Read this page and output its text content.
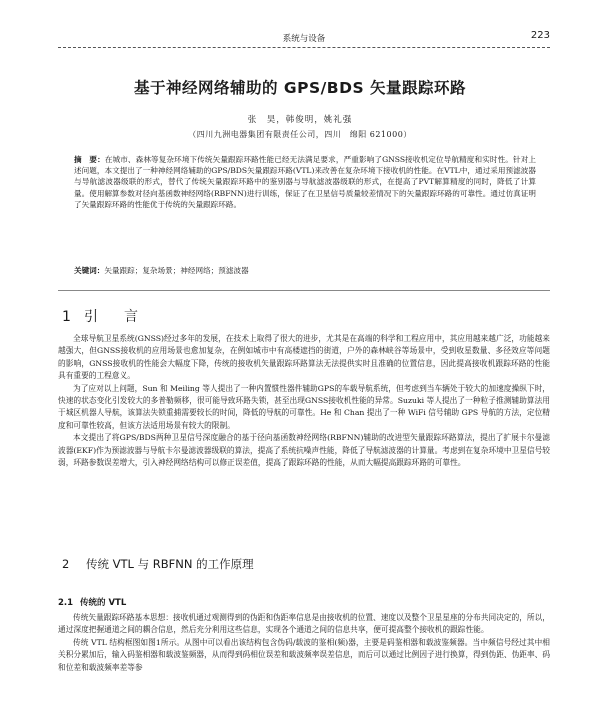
系统与设备	223
基于神经网络辅助的 GPS/BDS 矢量跟踪环路
张　昊，韩俊明，姚礼强
（四川九洲电器集团有限责任公司，四川　绵阳 621000）
摘　要：在城市、森林等复杂环境下传统矢量跟踪环路性能已经无法满足要求，严重影响了GNSS接收机定位导航精度和实时性。针对上述问题，本文提出了一种神经网络辅助的GPS/BDS矢量跟踪环路(VTL)来改善在复杂环境下接收机的性能。在VTL中，通过采用预滤波器与导航滤波器级联的形式，替代了传统矢量跟踪环路中的鉴别器与导航滤波器级联的形式，在提高了PVT解算精度的同时，降低了计算量。使用解算参数对径向基函数神经网络(RBFNN)进行训练，保证了在卫星信号质量较差情况下的矢量跟踪环路的可靠性。通过仿真证明了矢量跟踪环路的性能优于传统的矢量跟踪环路。
关键词：矢量跟踪；复杂场景；神经网络；预滤波器
1 引　言

全球导航卫星系统(GNSS)经过多年的发展，在技术上取得了很大的进步，尤其是在高端的科学和工程应用中，其应用越来越广泛，功能越来越强大，但GNSS接收机的应用场景也愈加复杂，在例如城市中有高楼遮挡的街道，户外的森林峡谷等场景中，受到收星数量、多径效应等问题的影响，GNSS接收机的性能会大幅度下降，传统的接收机矢量跟踪环路算法无法提供实时且准确的位置信息，因此提高接收机跟踪环路的性能具有重要的工程意义。

为了应对以上问题，Sun 和 Meiling 等人提出了一种内置惯性器件辅助GPS的车载导航系统，但考虑到当车辆处于较大的加速度操纵下时，快速的状态变化引发较大的多普勒频移，很可能导致环路失锁，甚至出现GNSS接收机性能的异常。Suzuki 等人提出了一种粒子推测辅助算法用于城区机器人导航，该算法失锁重捕需要较长的时间，降低的导航的可靠性。He 和 Chan 提出了一种 WiFi 信号辅助 GPS 导航的方法，定位精度和可靠性较高，但该方法适用场景有较大的限制。

本文提出了将GPS/BDS两种卫星信号深度融合的基于径向基函数神经网络(RBFNN)辅助的改进型矢量跟踪环路算法，提出了扩展卡尔曼滤波器(EKF)作为预滤波器与导航卡尔曼滤波器级联的算法，提高了系统抗噪声性能，降低了导航滤波器的计算量。考虑到在复杂环境中卫星信号较弱，环路参数误差增大，引入神经网络结构可以修正误差值，提高了跟踪环路的性能，从而大幅提高跟踪环路的可靠性。

2 传统 VTL 与 RBFNN 的工作原理
2.1 传统的 VTL

传统矢量跟踪环路基本思想：接收机通过观测得到的伪距和伪距率信息是由接收机的位置、速度以及整个卫星星座的分布共同决定的，所以，通过深度把握通道之间的耦合信息，然后充分利用这些信息，实现各个通道之间的信息共享，便可提高整个接收机的跟踪性能。

传统 VTL 结构框图如图1所示。从图中可以看出该结构包含伪码/载波的鉴相(频)器，主要是码鉴相器和载波鉴频器。当中频信号经过其中相关积分累加后，输入码鉴相器和载波鉴频器，从而得到码相位误差和载波频率误差信息，而后可以通过比例因子进行换算，得到伪距、伪距率、码和位差和载波频率差等参
